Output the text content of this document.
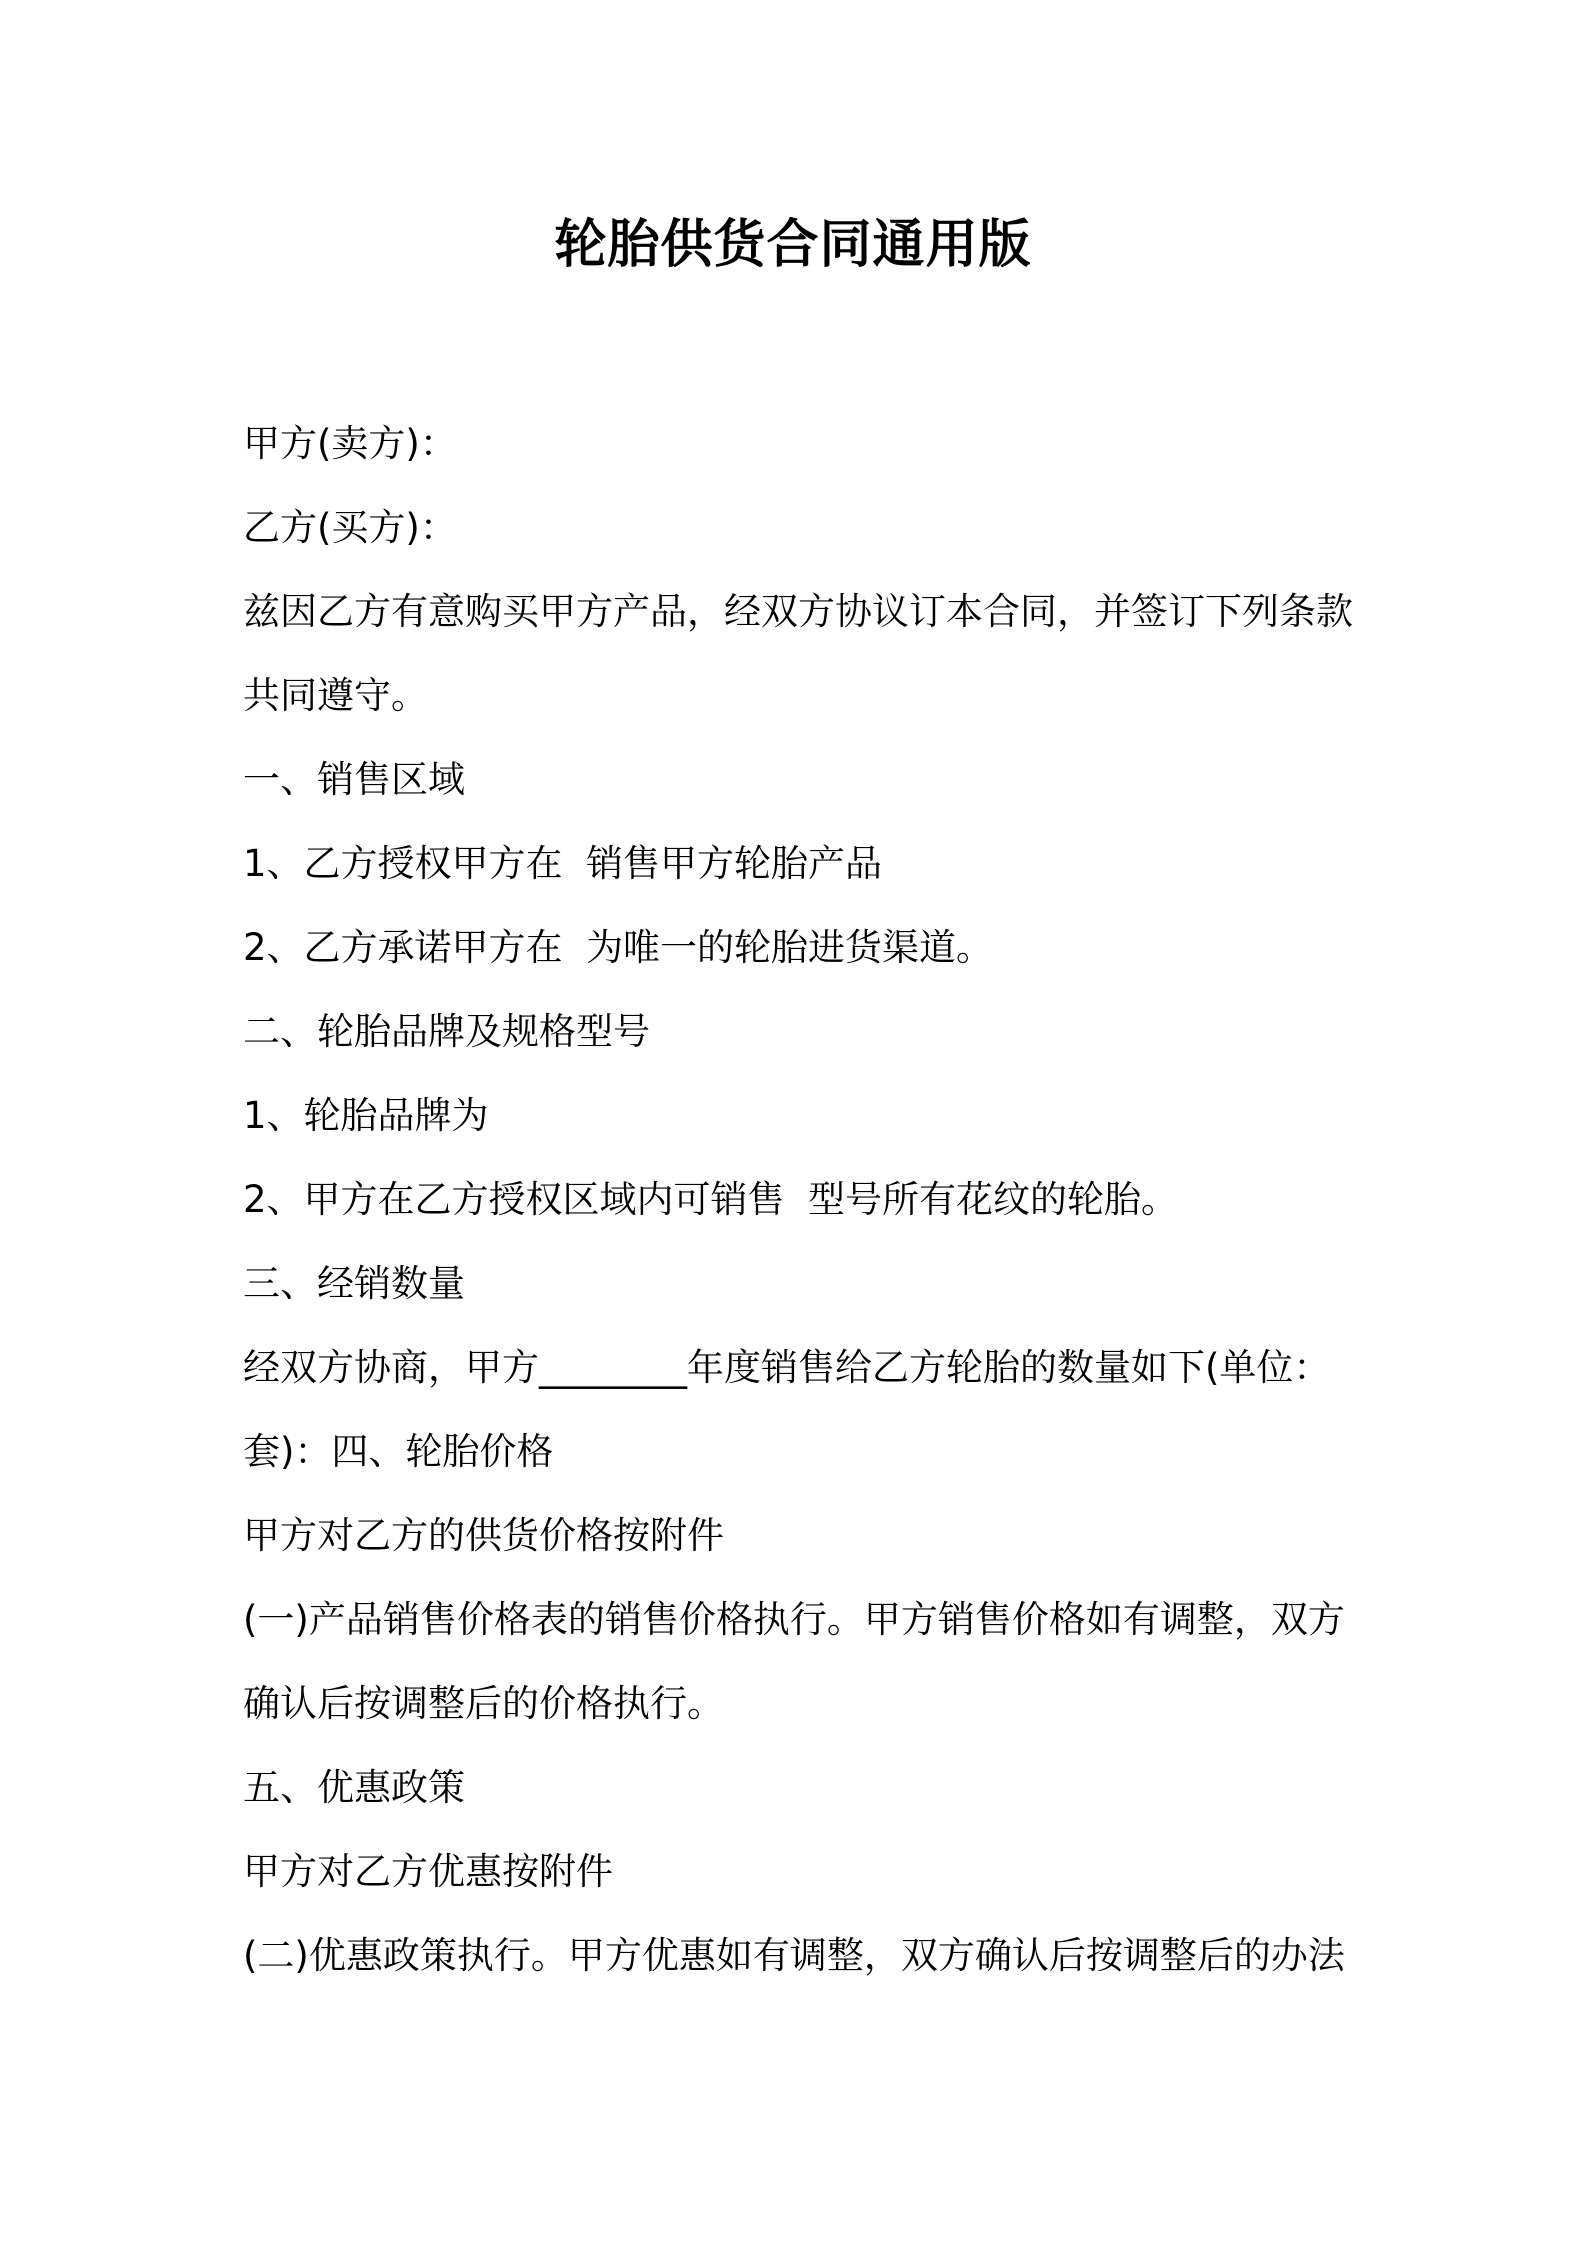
轮胎供货合同通用版
甲方(卖方)：
乙方(买方)：
兹因乙方有意购买甲方产品，经双方协议订本合同，并签订下列条款
共同遵守。
一、销售区域
1、乙方授权甲方在  销售甲方轮胎产品
2、乙方承诺甲方在  为唯一的轮胎进货渠道。
二、轮胎品牌及规格型号
1、轮胎品牌为
2、甲方在乙方授权区域内可销售  型号所有花纹的轮胎。
三、经销数量
经双方协商，甲方________年度销售给乙方轮胎的数量如下(单位：
套)：四、轮胎价格
甲方对乙方的供货价格按附件
(一)产品销售价格表的销售价格执行。甲方销售价格如有调整，双方
确认后按调整后的价格执行。
五、优惠政策
甲方对乙方优惠按附件
(二)优惠政策执行。甲方优惠如有调整，双方确认后按调整后的办法
